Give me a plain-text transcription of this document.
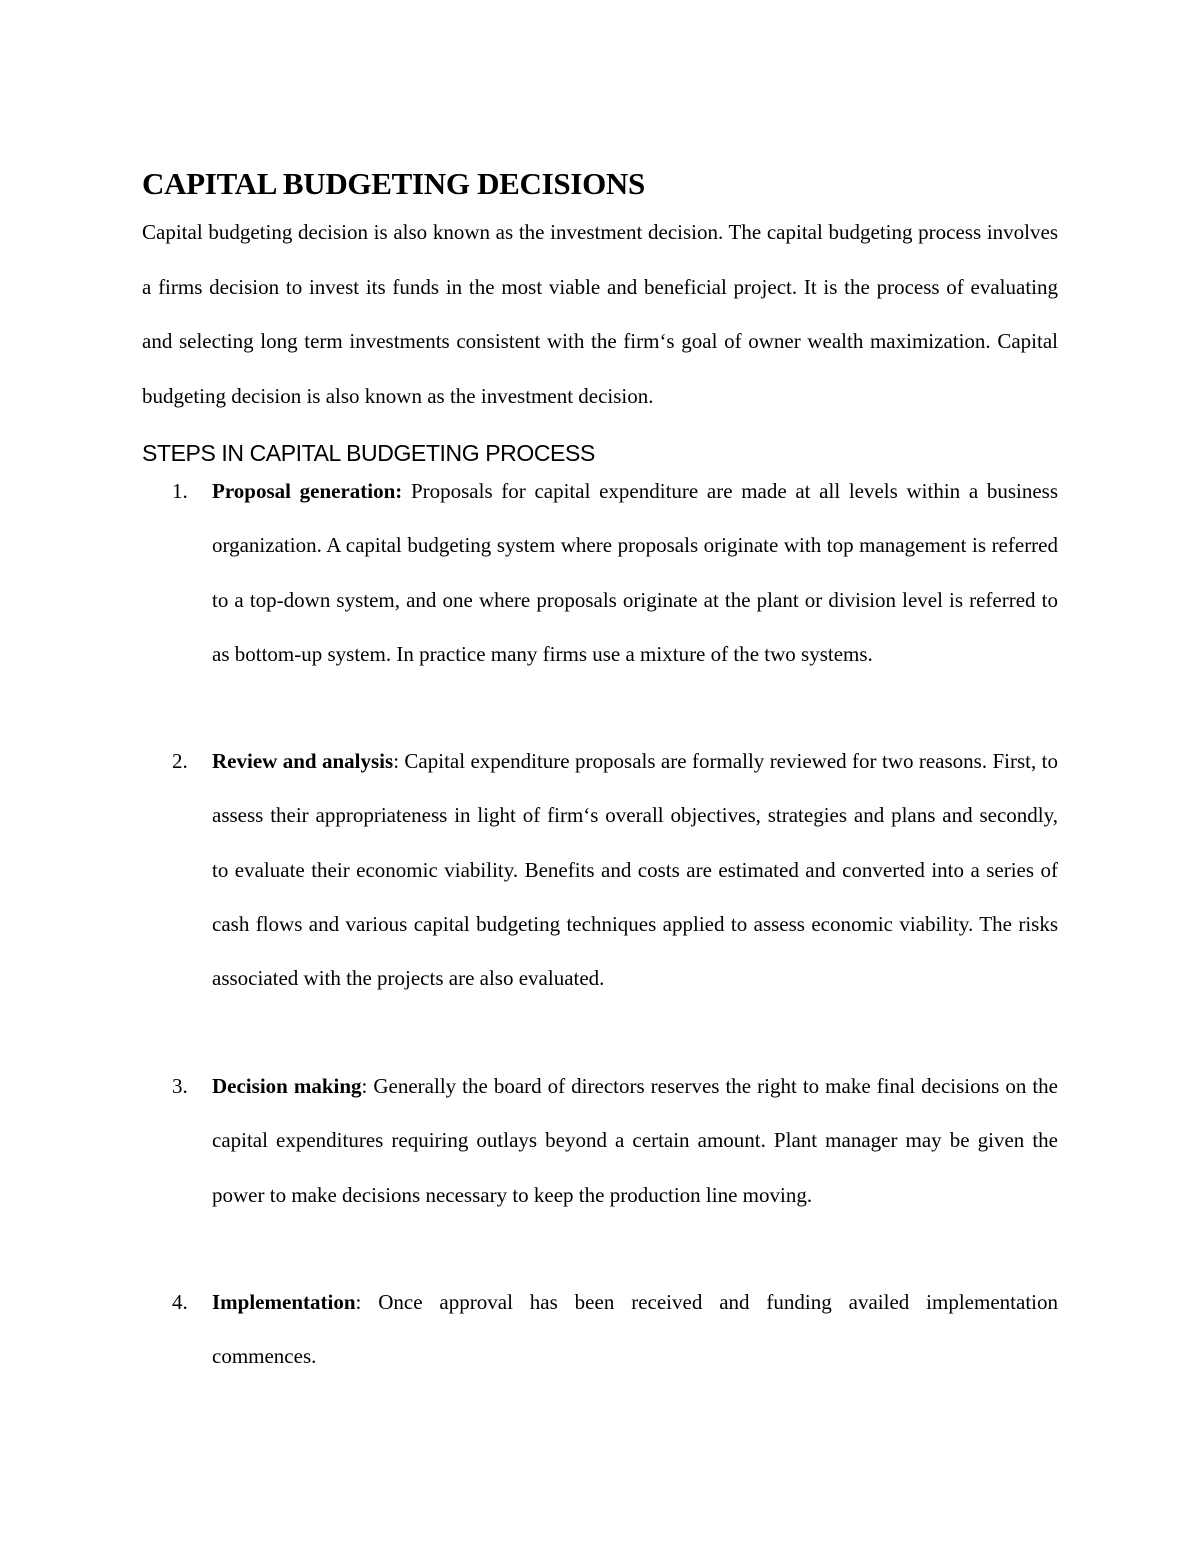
CAPITAL BUDGETING DECISIONS

Capital budgeting decision is also known as the investment decision. The capital budgeting process involves a firms decision to invest its funds in the most viable and beneficial project. It is the process of evaluating and selecting long term investments consistent with the firm‘s goal of owner wealth maximization. Capital budgeting decision is also known as the investment decision.

STEPS IN CAPITAL BUDGETING PROCESS
1. Proposal generation: Proposals for capital expenditure are made at all levels within a business organization. A capital budgeting system where proposals originate with top management is referred to a top-down system, and one where proposals originate at the plant or division level is referred to as bottom-up system. In practice many firms use a mixture of the two systems.
2. Review and analysis: Capital expenditure proposals are formally reviewed for two reasons. First, to assess their appropriateness in light of firm‘s overall objectives, strategies and plans and secondly, to evaluate their economic viability. Benefits and costs are estimated and converted into a series of cash flows and various capital budgeting techniques applied to assess economic viability. The risks associated with the projects are also evaluated.
3. Decision making: Generally the board of directors reserves the right to make final decisions on the capital expenditures requiring outlays beyond a certain amount. Plant manager may be given the power to make decisions necessary to keep the production line moving.
4. Implementation: Once approval has been received and funding availed implementation commences.
